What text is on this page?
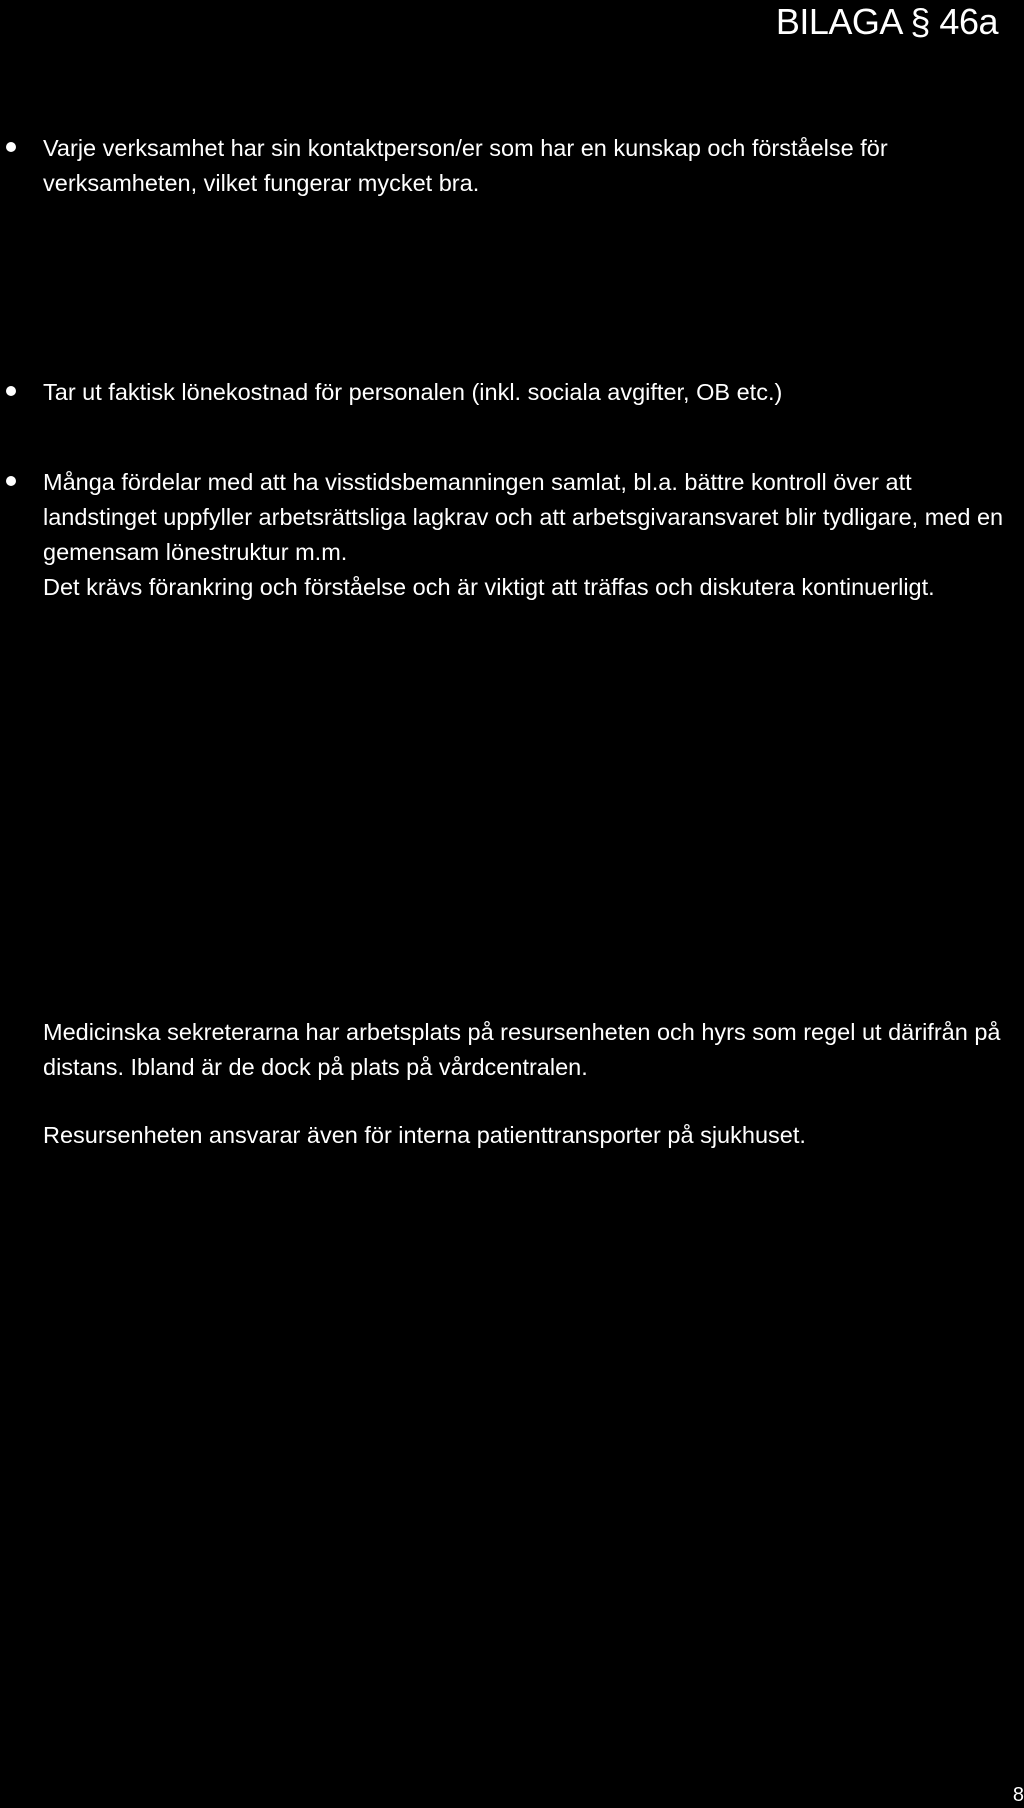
BILAGA § 46a
Varje verksamhet har sin kontaktperson/er som har en kunskap och förståelse för
verksamheten, vilket fungerar mycket bra.
Tar ut faktisk lönekostnad för personalen (inkl. sociala avgifter, OB etc.)
Många fördelar med att ha visstidsbemanningen samlat, bl.a. bättre kontroll över att
landstinget uppfyller arbetsrättsliga lagkrav och att arbetsgivaransvaret blir tydligare, med en
gemensam lönestruktur m.m.
Det krävs förankring och förståelse och är viktigt att träffas och diskutera kontinuerligt.
Medicinska sekreterarna har arbetsplats på resursenheten och hyrs som regel ut därifrån på
distans. Ibland är de dock på plats på vårdcentralen.
Resursenheten ansvarar även för interna patienttransporter på sjukhuset.
8
